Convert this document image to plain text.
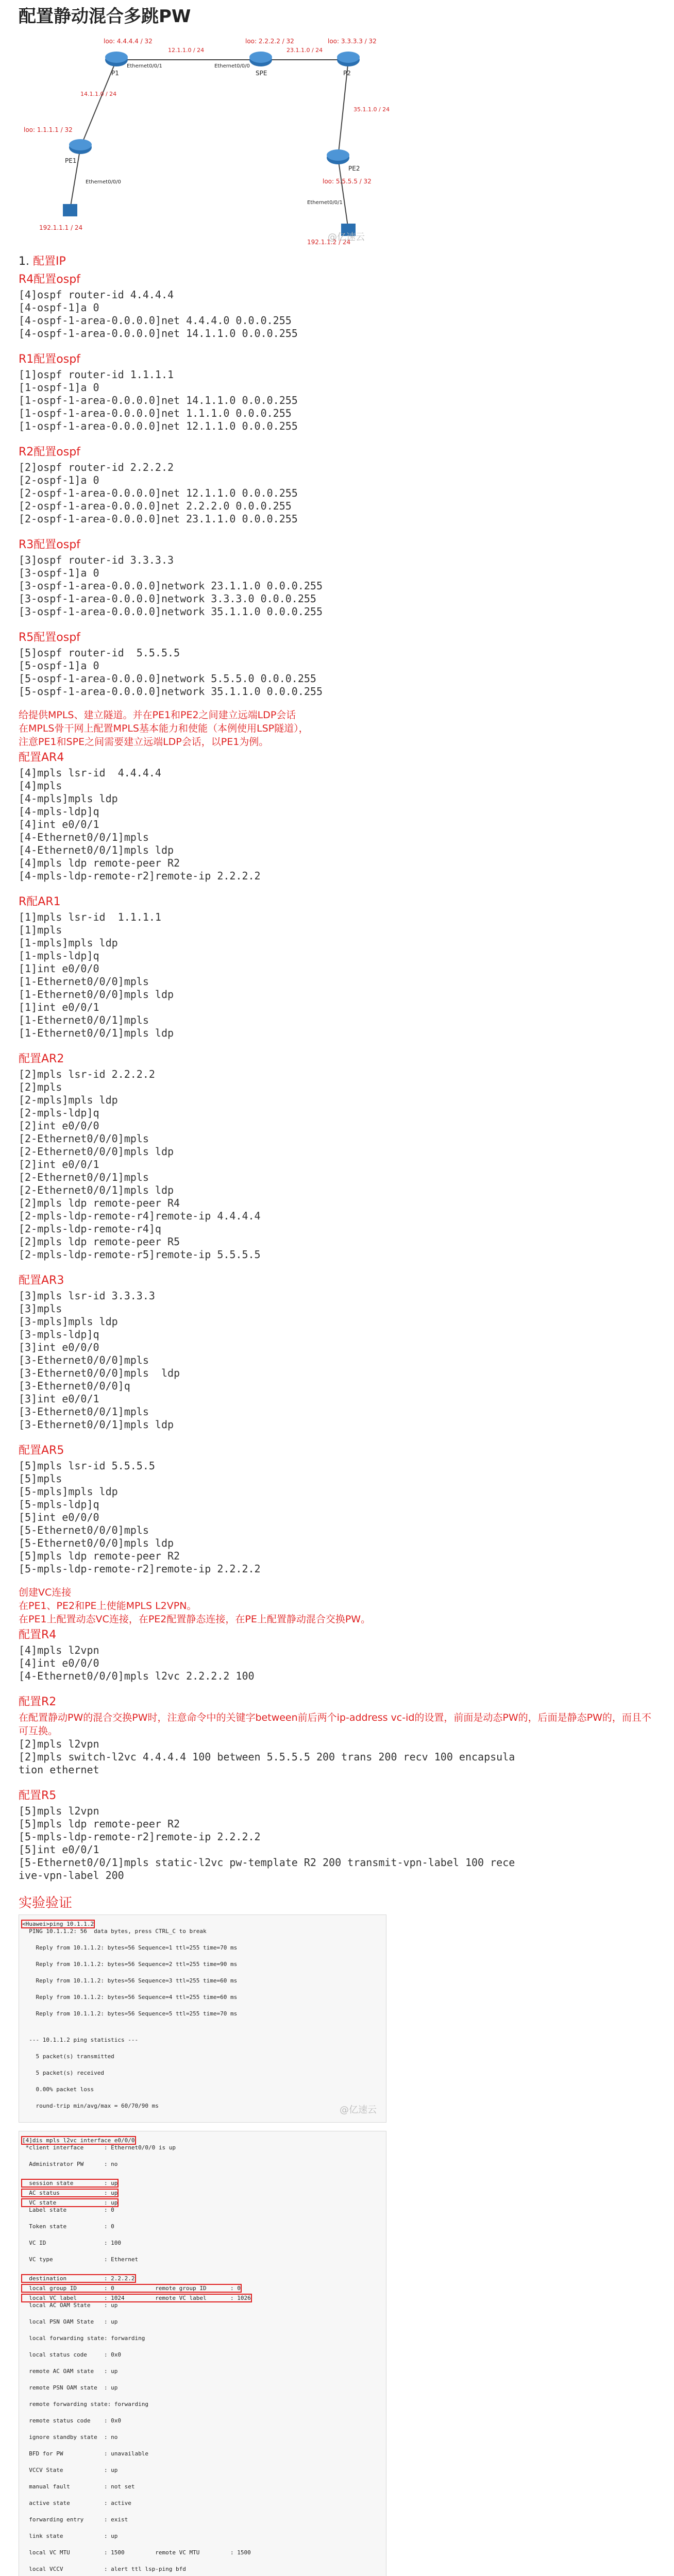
配置静动混合多跳PW
loo: 4.4.4.4 / 32	loo: 2.2.2.2 / 32	loo: 3.3.3.3 / 32
loo: 1.1.1.1 / 32
loo: 5.5.5.5 / 32
192.1.1.1 / 24
192.1.1.2 / 24
P1	SPE	P2
PE1
PE2
14.1.1.0 / 24
23.1.1.0 / 24
12.1.1.0 / 24
35.1.1.0 / 24
Ethernet0/0/1	Ethernet0/0/0
Ethernet0/0/0
Ethernet0/0/1
@亿速云
1. 配置IP
R4配置ospf
[4]ospf router-id 4.4.4.4
[4-ospf-1]a 0
[4-ospf-1-area-0.0.0.0]net 4.4.4.0 0.0.0.255
[4-ospf-1-area-0.0.0.0]net 14.1.1.0 0.0.0.255
R1配置ospf
[1]ospf router-id 1.1.1.1
[1-ospf-1]a 0
[1-ospf-1-area-0.0.0.0]net 14.1.1.0 0.0.0.255
[1-ospf-1-area-0.0.0.0]net 1.1.1.0 0.0.0.255
[1-ospf-1-area-0.0.0.0]net 12.1.1.0 0.0.0.255
R2配置ospf
[2]ospf router-id 2.2.2.2
[2-ospf-1]a 0
[2-ospf-1-area-0.0.0.0]net 12.1.1.0 0.0.0.255
[2-ospf-1-area-0.0.0.0]net 2.2.2.0 0.0.0.255
[2-ospf-1-area-0.0.0.0]net 23.1.1.0 0.0.0.255
R3配置ospf
[3]ospf router-id 3.3.3.3
[3-ospf-1]a 0
[3-ospf-1-area-0.0.0.0]network 23.1.1.0 0.0.0.255
[3-ospf-1-area-0.0.0.0]network 3.3.3.0 0.0.0.255
[3-ospf-1-area-0.0.0.0]network 35.1.1.0 0.0.0.255
R5配置ospf
[5]ospf router-id  5.5.5.5
[5-ospf-1]a 0
[5-ospf-1-area-0.0.0.0]network 5.5.5.0 0.0.0.255
[5-ospf-1-area-0.0.0.0]network 35.1.1.0 0.0.0.255
给提供MPLS、建立隧道。并在PE1和PE2之间建立远端LDP会话
在MPLS骨干网上配置MPLS基本能力和使能（本例使用LSP隧道），
注意PE1和SPE之间需要建立远端LDP会话，以PE1为例。
配置AR4
[4]mpls lsr-id  4.4.4.4
[4]mpls
[4-mpls]mpls ldp
[4-mpls-ldp]q
[4]int e0/0/1
[4-Ethernet0/0/1]mpls
[4-Ethernet0/0/1]mpls ldp
[4]mpls ldp remote-peer R2
[4-mpls-ldp-remote-r2]remote-ip 2.2.2.2
R配AR1
[1]mpls lsr-id  1.1.1.1
[1]mpls
[1-mpls]mpls ldp
[1-mpls-ldp]q
[1]int e0/0/0
[1-Ethernet0/0/0]mpls
[1-Ethernet0/0/0]mpls ldp
[1]int e0/0/1
[1-Ethernet0/0/1]mpls
[1-Ethernet0/0/1]mpls ldp
配置AR2
[2]mpls lsr-id 2.2.2.2
[2]mpls
[2-mpls]mpls ldp
[2-mpls-ldp]q
[2]int e0/0/0
[2-Ethernet0/0/0]mpls
[2-Ethernet0/0/0]mpls ldp
[2]int e0/0/1
[2-Ethernet0/0/1]mpls
[2-Ethernet0/0/1]mpls ldp
[2]mpls ldp remote-peer R4
[2-mpls-ldp-remote-r4]remote-ip 4.4.4.4
[2-mpls-ldp-remote-r4]q
[2]mpls ldp remote-peer R5
[2-mpls-ldp-remote-r5]remote-ip 5.5.5.5
配置AR3
[3]mpls lsr-id 3.3.3.3
[3]mpls
[3-mpls]mpls ldp
[3-mpls-ldp]q
[3]int e0/0/0
[3-Ethernet0/0/0]mpls
[3-Ethernet0/0/0]mpls  ldp
[3-Ethernet0/0/0]q
[3]int e0/0/1
[3-Ethernet0/0/1]mpls
[3-Ethernet0/0/1]mpls ldp
配置AR5
[5]mpls lsr-id 5.5.5.5
[5]mpls
[5-mpls]mpls ldp
[5-mpls-ldp]q
[5]int e0/0/0
[5-Ethernet0/0/0]mpls
[5-Ethernet0/0/0]mpls ldp
[5]mpls ldp remote-peer R2
[5-mpls-ldp-remote-r2]remote-ip 2.2.2.2
创建VC连接
在PE1、PE2和PE上使能MPLS L2VPN。
在PE1上配置动态VC连接，在PE2配置静态连接，在PE上配置静动混合交换PW。
配置R4
[4]mpls l2vpn
[4]int e0/0/0
[4-Ethernet0/0/0]mpls l2vc 2.2.2.2 100
配置R2
在配置静动PW的混合交换PW时，注意命令中的关键字between前后两个ip-address vc-id的设置，前面是动态PW的，后面是静态PW的，而且不可互换。
[2]mpls l2vpn
[2]mpls switch-l2vc 4.4.4.4 100 between 5.5.5.5 200 trans 200 recv 100 encapsula
tion ethernet
配置R5
[5]mpls l2vpn
[5]mpls ldp remote-peer R2
[5-mpls-ldp-remote-r2]remote-ip 2.2.2.2
[5]int e0/0/1
[5-Ethernet0/0/1]mpls static-l2vc pw-template R2 200 transmit-vpn-label 100 rece
ive-vpn-label 200
实验验证
<Huawei>ping 10.1.1.2
PING 10.1.1.2: 56  data bytes, press CTRL_C to break

Reply from 10.1.1.2: bytes=56 Sequence=1 ttl=255 time=70 ms

Reply from 10.1.1.2: bytes=56 Sequence=2 ttl=255 time=90 ms

Reply from 10.1.1.2: bytes=56 Sequence=3 ttl=255 time=60 ms

Reply from 10.1.1.2: bytes=56 Sequence=4 ttl=255 time=60 ms

Reply from 10.1.1.2: bytes=56 Sequence=5 ttl=255 time=70 ms

--- 10.1.1.2 ping statistics ---

5 packet(s) transmitted

5 packet(s) received

0.00% packet loss

round-trip min/avg/max = 60/70/90 ms	@亿速云
[4]dis mpls l2vc interface e0/0/0
*client interface      : Ethernet0/0/0 is up

Administrator PW      : no

session state         : up
AC status             : up
VC state              : up

Label state           : 0

Token state           : 0

VC ID                 : 100

VC type               : Ethernet

destination           : 2.2.2.2
local group ID        : 0            remote group ID       : 0
local VC label        : 1024         remote VC label       : 1026

local AC OAM State    : up

local PSN OAM State   : up

local forwarding state: forwarding

local status code     : 0x0

remote AC OAM state   : up

remote PSN OAM state  : up

remote forwarding state: forwarding

remote status code    : 0x0

ignore standby state  : no

BFD for PW            : unavailable

VCCV State            : up

manual fault          : not set

active state          : active

forwarding entry      : exist

link state            : up

local VC MTU          : 1500         remote VC MTU         : 1500

local VCCV            : alert ttl lsp-ping bfd
